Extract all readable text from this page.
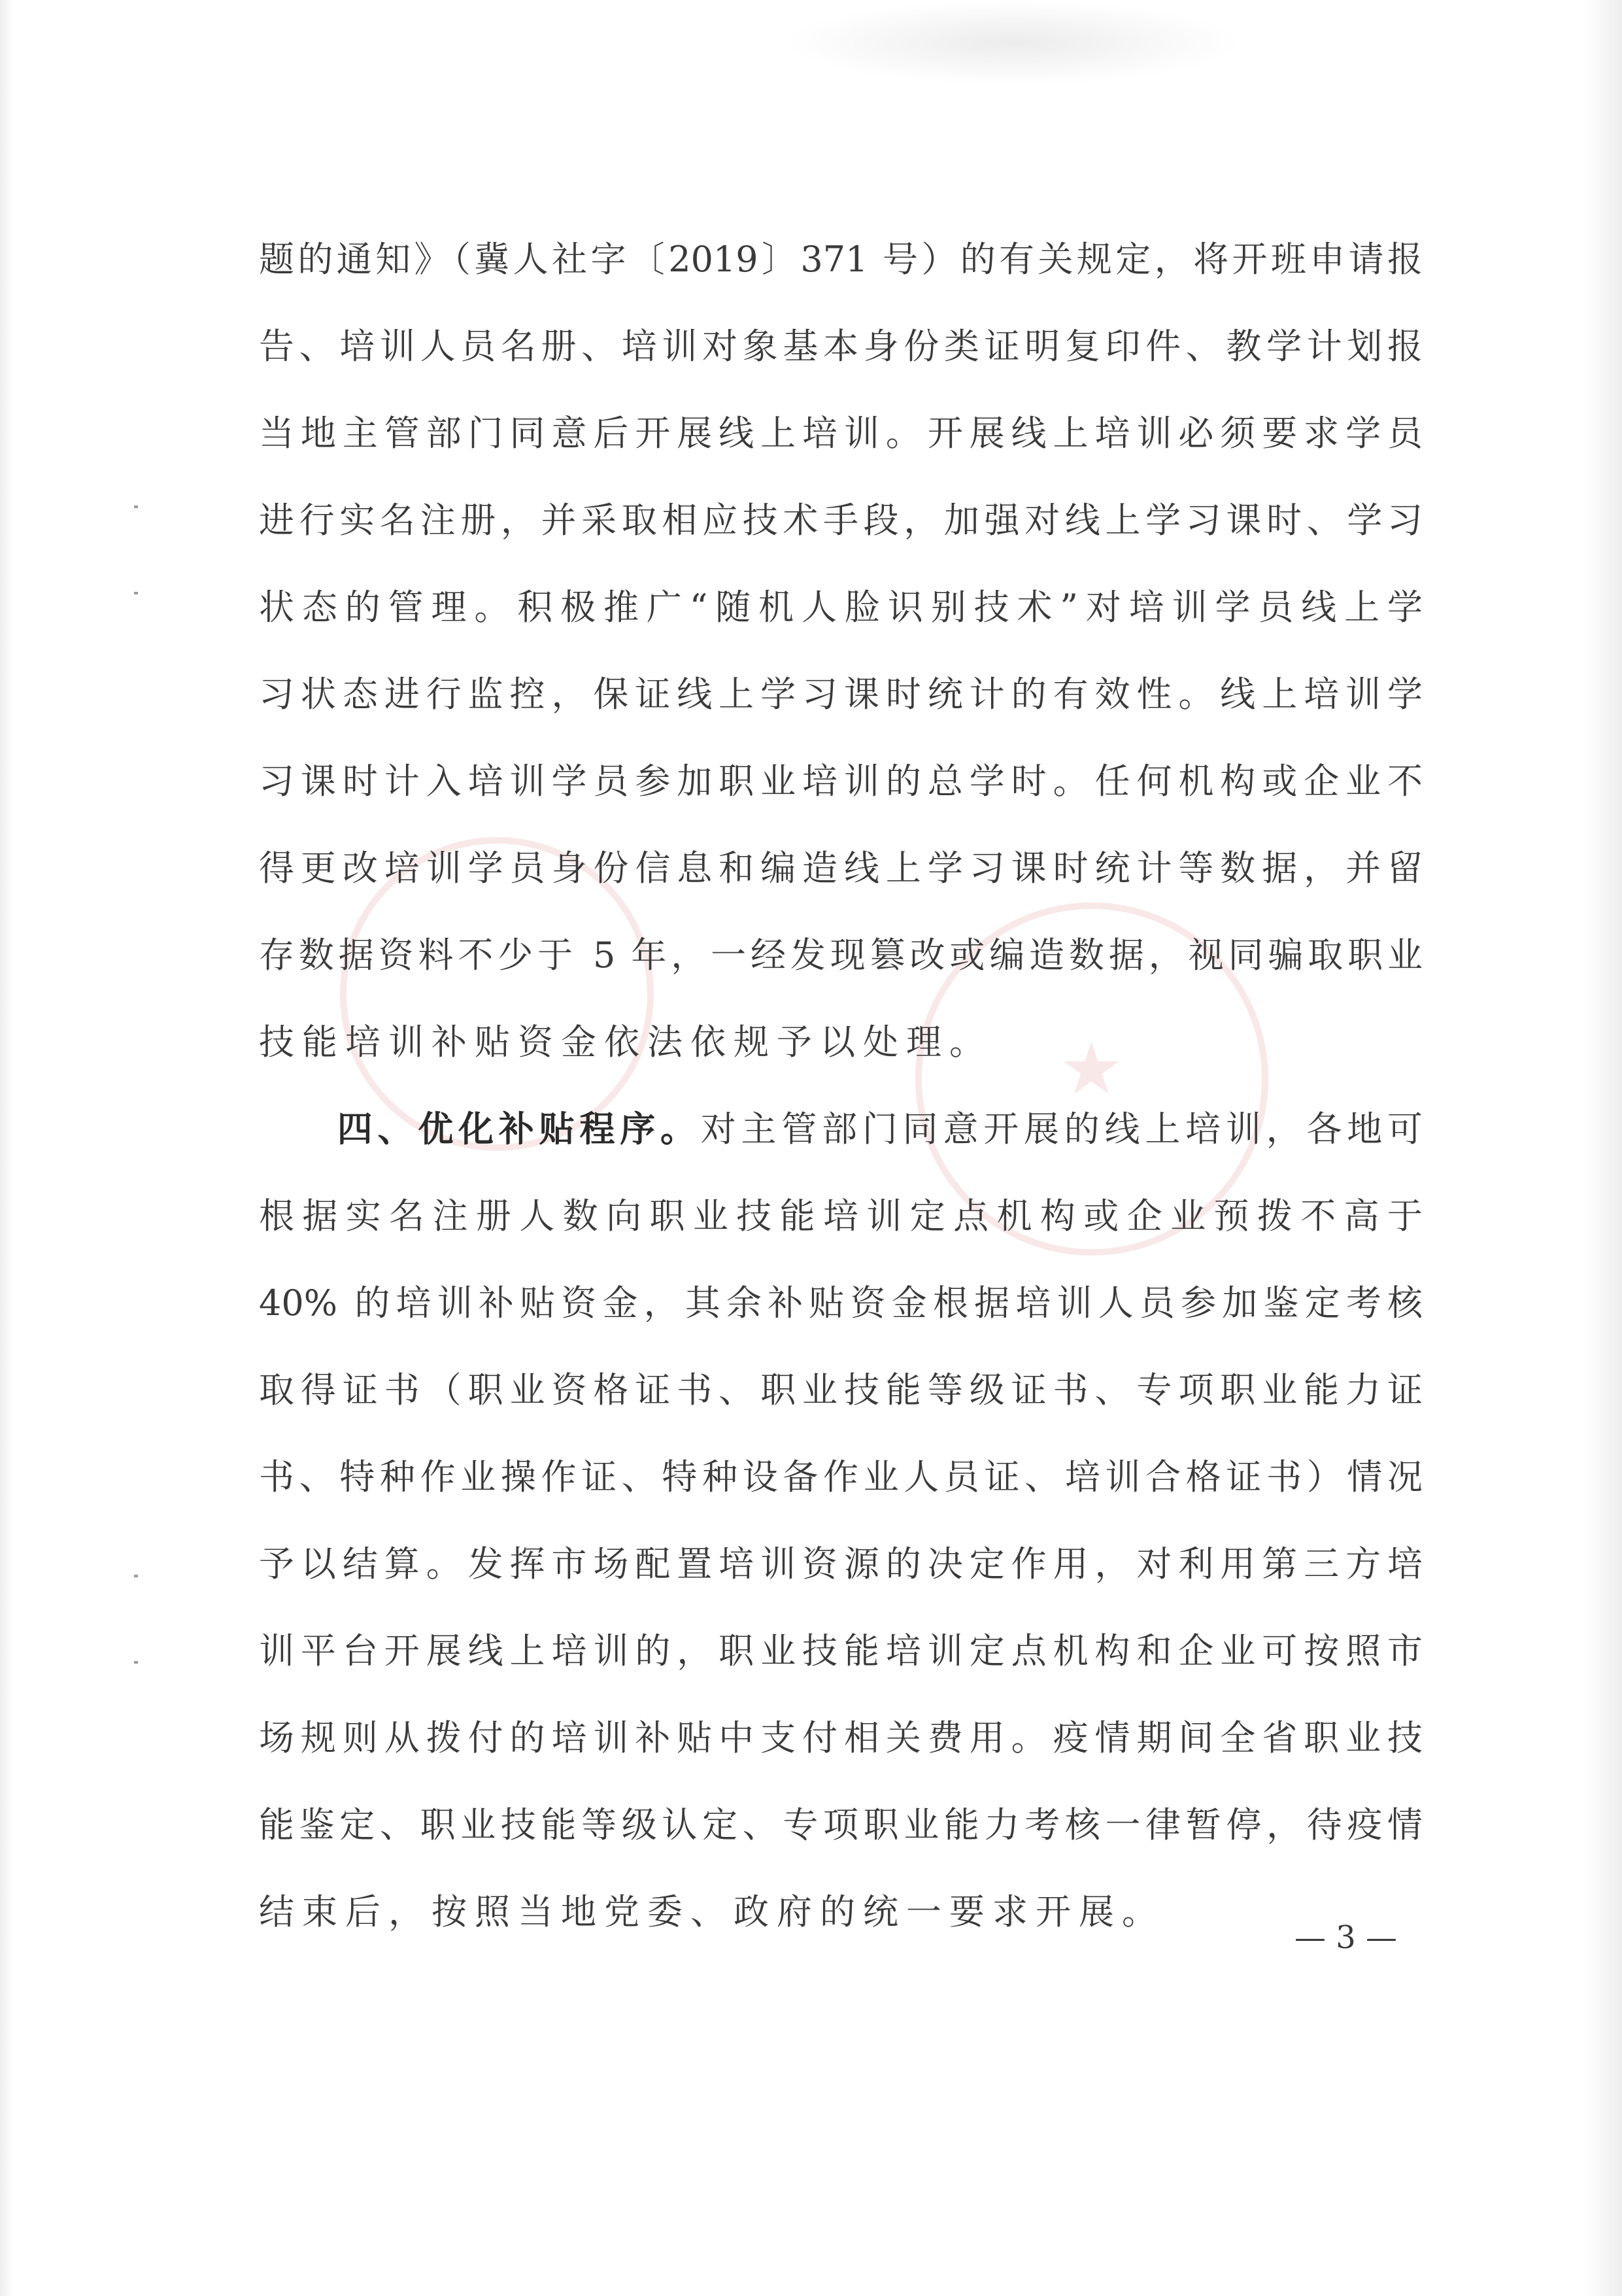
★
题的通知》（冀人社字〔2019〕371 号）的有关规定，将开班申请报
告、培训人员名册、培训对象基本身份类证明复印件、教学计划报
当地主管部门同意后开展线上培训。开展线上培训必须要求学员
进行实名注册，并采取相应技术手段，加强对线上学习课时、学习
状态的管理。积极推广“随机人脸识别技术”对培训学员线上学
习状态进行监控，保证线上学习课时统计的有效性。线上培训学
习课时计入培训学员参加职业培训的总学时。任何机构或企业不
得更改培训学员身份信息和编造线上学习课时统计等数据，并留
存数据资料不少于 5 年，一经发现篡改或编造数据，视同骗取职业
技能培训补贴资金依法依规予以处理。
四、优化补贴程序。对主管部门同意开展的线上培训，各地可
根据实名注册人数向职业技能培训定点机构或企业预拨不高于
40% 的培训补贴资金，其余补贴资金根据培训人员参加鉴定考核
取得证书（职业资格证书、职业技能等级证书、专项职业能力证
书、特种作业操作证、特种设备作业人员证、培训合格证书）情况
予以结算。发挥市场配置培训资源的决定作用，对利用第三方培
训平台开展线上培训的，职业技能培训定点机构和企业可按照市
场规则从拨付的培训补贴中支付相关费用。疫情期间全省职业技
能鉴定、职业技能等级认定、专项职业能力考核一律暂停，待疫情
结束后，按照当地党委、政府的统一要求开展。
— 3 —
